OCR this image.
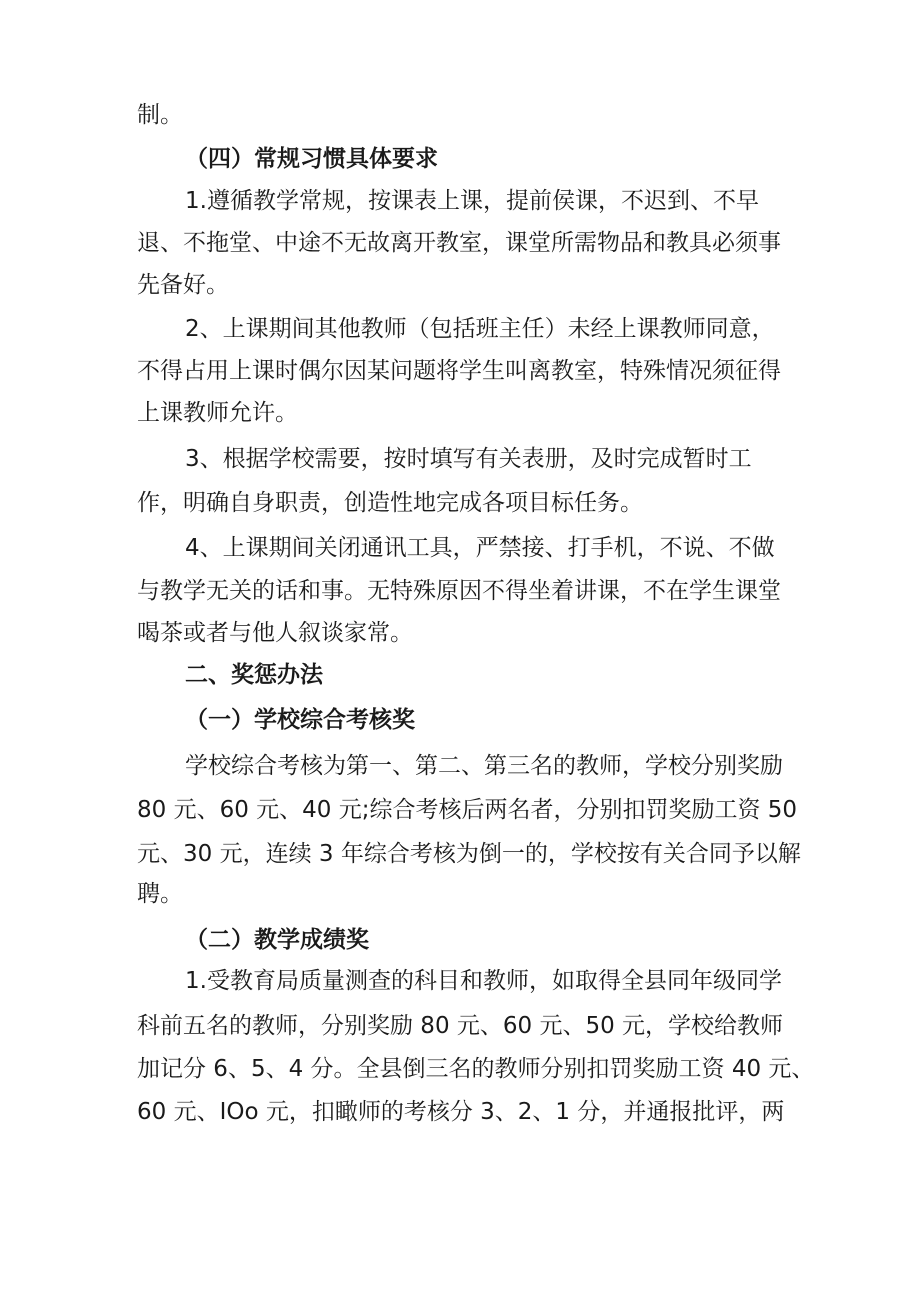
制。
（四）常规习惯具体要求
1.遵循教学常规，按课表上课，提前侯课，不迟到、不早
退、不拖堂、中途不无故离开教室，课堂所需物品和教具必须事
先备好。
2、上课期间其他教师（包括班主任）未经上课教师同意，
不得占用上课时偶尔因某问题将学生叫离教室，特殊情况须征得
上课教师允许。
3、根据学校需要，按时填写有关表册，及时完成暂时工
作，明确自身职责，创造性地完成各项目标任务。
4、上课期间关闭通讯工具，严禁接、打手机，不说、不做
与教学无关的话和事。无特殊原因不得坐着讲课，不在学生课堂
喝茶或者与他人叙谈家常。
二、奖惩办法
（一）学校综合考核奖
学校综合考核为第一、第二、第三名的教师，学校分别奖励
80 元、60 元、40 元;综合考核后两名者，分别扣罚奖励工资 50
元、30 元，连续 3 年综合考核为倒一的，学校按有关合同予以解
聘。
（二）教学成绩奖
1.受教育局质量测查的科目和教师，如取得全县同年级同学
科前五名的教师，分别奖励 80 元、60 元、50 元，学校给教师
加记分 6、5、4 分。全县倒三名的教师分别扣罚奖励工资 40 元、
60 元、IOo 元，扣瞰师的考核分 3、2、1 分，并通报批评，两
